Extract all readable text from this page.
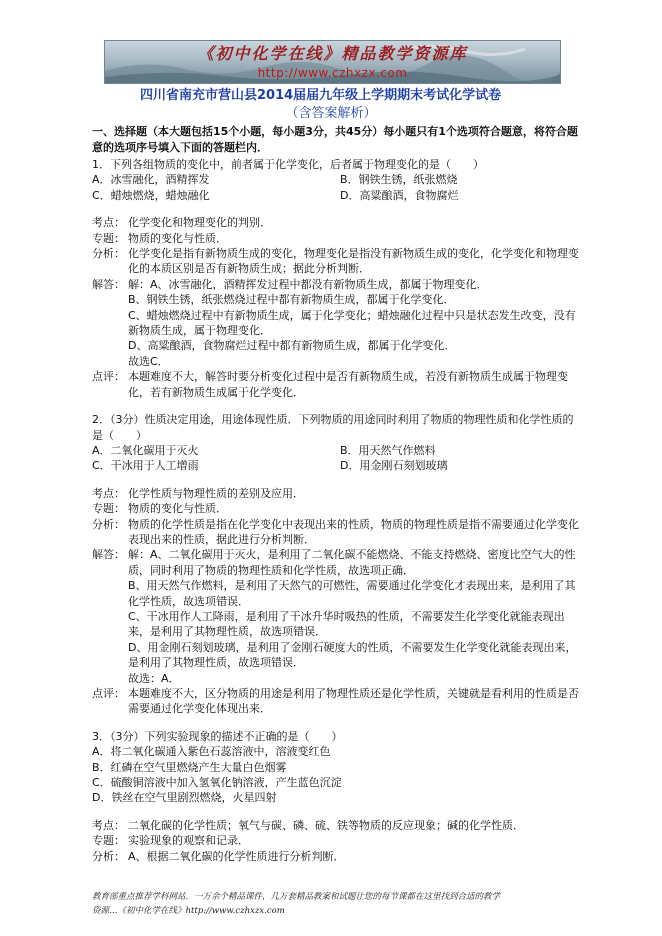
《初中化学在线》精品教学资源库
http://www.czhxzx.com
四川省南充市营山县2014届届九年级上学期期末考试化学试卷
（含答案解析）
一、选择题（本大题包括15个小题，每小题3分，共45分）每小题只有1个选项符合题意，将符合题意的选项序号填入下面的答题栏内．
1．下列各组物质的变化中，前者属于化学变化，后者属于物理变化的是（　　）
A．冰雪融化，酒精挥发	B．钢铁生锈，纸张燃烧
C．蜡烛燃烧，蜡烛融化	D．高粱酿酒，食物腐烂
考点： 化学变化和物理变化的判别．

专题： 物质的变化与性质．

分析： 化学变化是指有新物质生成的变化，物理变化是指没有新物质生成的变化，化学变化和物理变化的本质区别是否有新物质生成；据此分析判断．

解答： 解：A、冰雪融化，酒精挥发过程中都没有新物质生成，都属于物理变化．

B、钢铁生锈，纸张燃烧过程中都有新物质生成，都属于化学变化．

C、蜡烛燃烧过程中有新物质生成，属于化学变化；蜡烛融化过程中只是状态发生改变，没有新物质生成，属于物理变化．

D、高粱酿酒，食物腐烂过程中都有新物质生成，都属于化学变化．

故选C．

点评： 本题难度不大，解答时要分析变化过程中是否有新物质生成，若没有新物质生成属于物理变化，若有新物质生成属于化学变化．

2．（3分）性质决定用途，用途体现性质．下列物质的用途同时利用了物质的物理性质和化学性质的是（　　）
A．二氧化碳用于灭火	B．用天然气作燃料
C．干冰用于人工增雨	D．用金刚石刻划玻璃
考点： 化学性质与物理性质的差别及应用．

专题： 物质的变化与性质．

分析： 物质的化学性质是指在化学变化中表现出来的性质，物质的物理性质是指不需要通过化学变化表现出来的性质，据此进行分析判断．

解答： 解：A、二氧化碳用于灭火，是利用了二氧化碳不能燃烧、不能支持燃烧、密度比空气大的性质，同时利用了物质的物理性质和化学性质，故选项正确．

B、用天然气作燃料，是利用了天然气的可燃性，需要通过化学变化才表现出来，是利用了其化学性质，故选项错误．

C、干冰用作人工降雨，是利用了干冰升华时吸热的性质，不需要发生化学变化就能表现出来，是利用了其物理性质，故选项错误．

D、用金刚石刻划玻璃，是利用了金刚石硬度大的性质，不需要发生化学变化就能表现出来，是利用了其物理性质，故选项错误．

故选：A．

点评： 本题难度不大，区分物质的用途是利用了物理性质还是化学性质，关键就是看利用的性质是否需要通过化学变化体现出来．

3．（3分）下列实验现象的描述不正确的是（　　）
A．将二氧化碳通入紫色石蕊溶液中，溶液变红色
B．红磷在空气里燃烧产生大量白色烟雾
C．硫酸铜溶液中加入氢氧化钠溶液，产生蓝色沉淀
D．铁丝在空气里剧烈燃烧，火星四射
考点： 二氧化碳的化学性质；氧气与碳、磷、硫、铁等物质的反应现象；碱的化学性质．

专题： 实验现象的观察和记录．

分析： A、根据二氧化碳的化学性质进行分析判断．

教育部重点推荐学科网站．一万余个精品课件，几万套精品教案和试题让您的每节课都在这里找到合适的教学
资源…《初中化学在线》http://www.czhxzx.com
